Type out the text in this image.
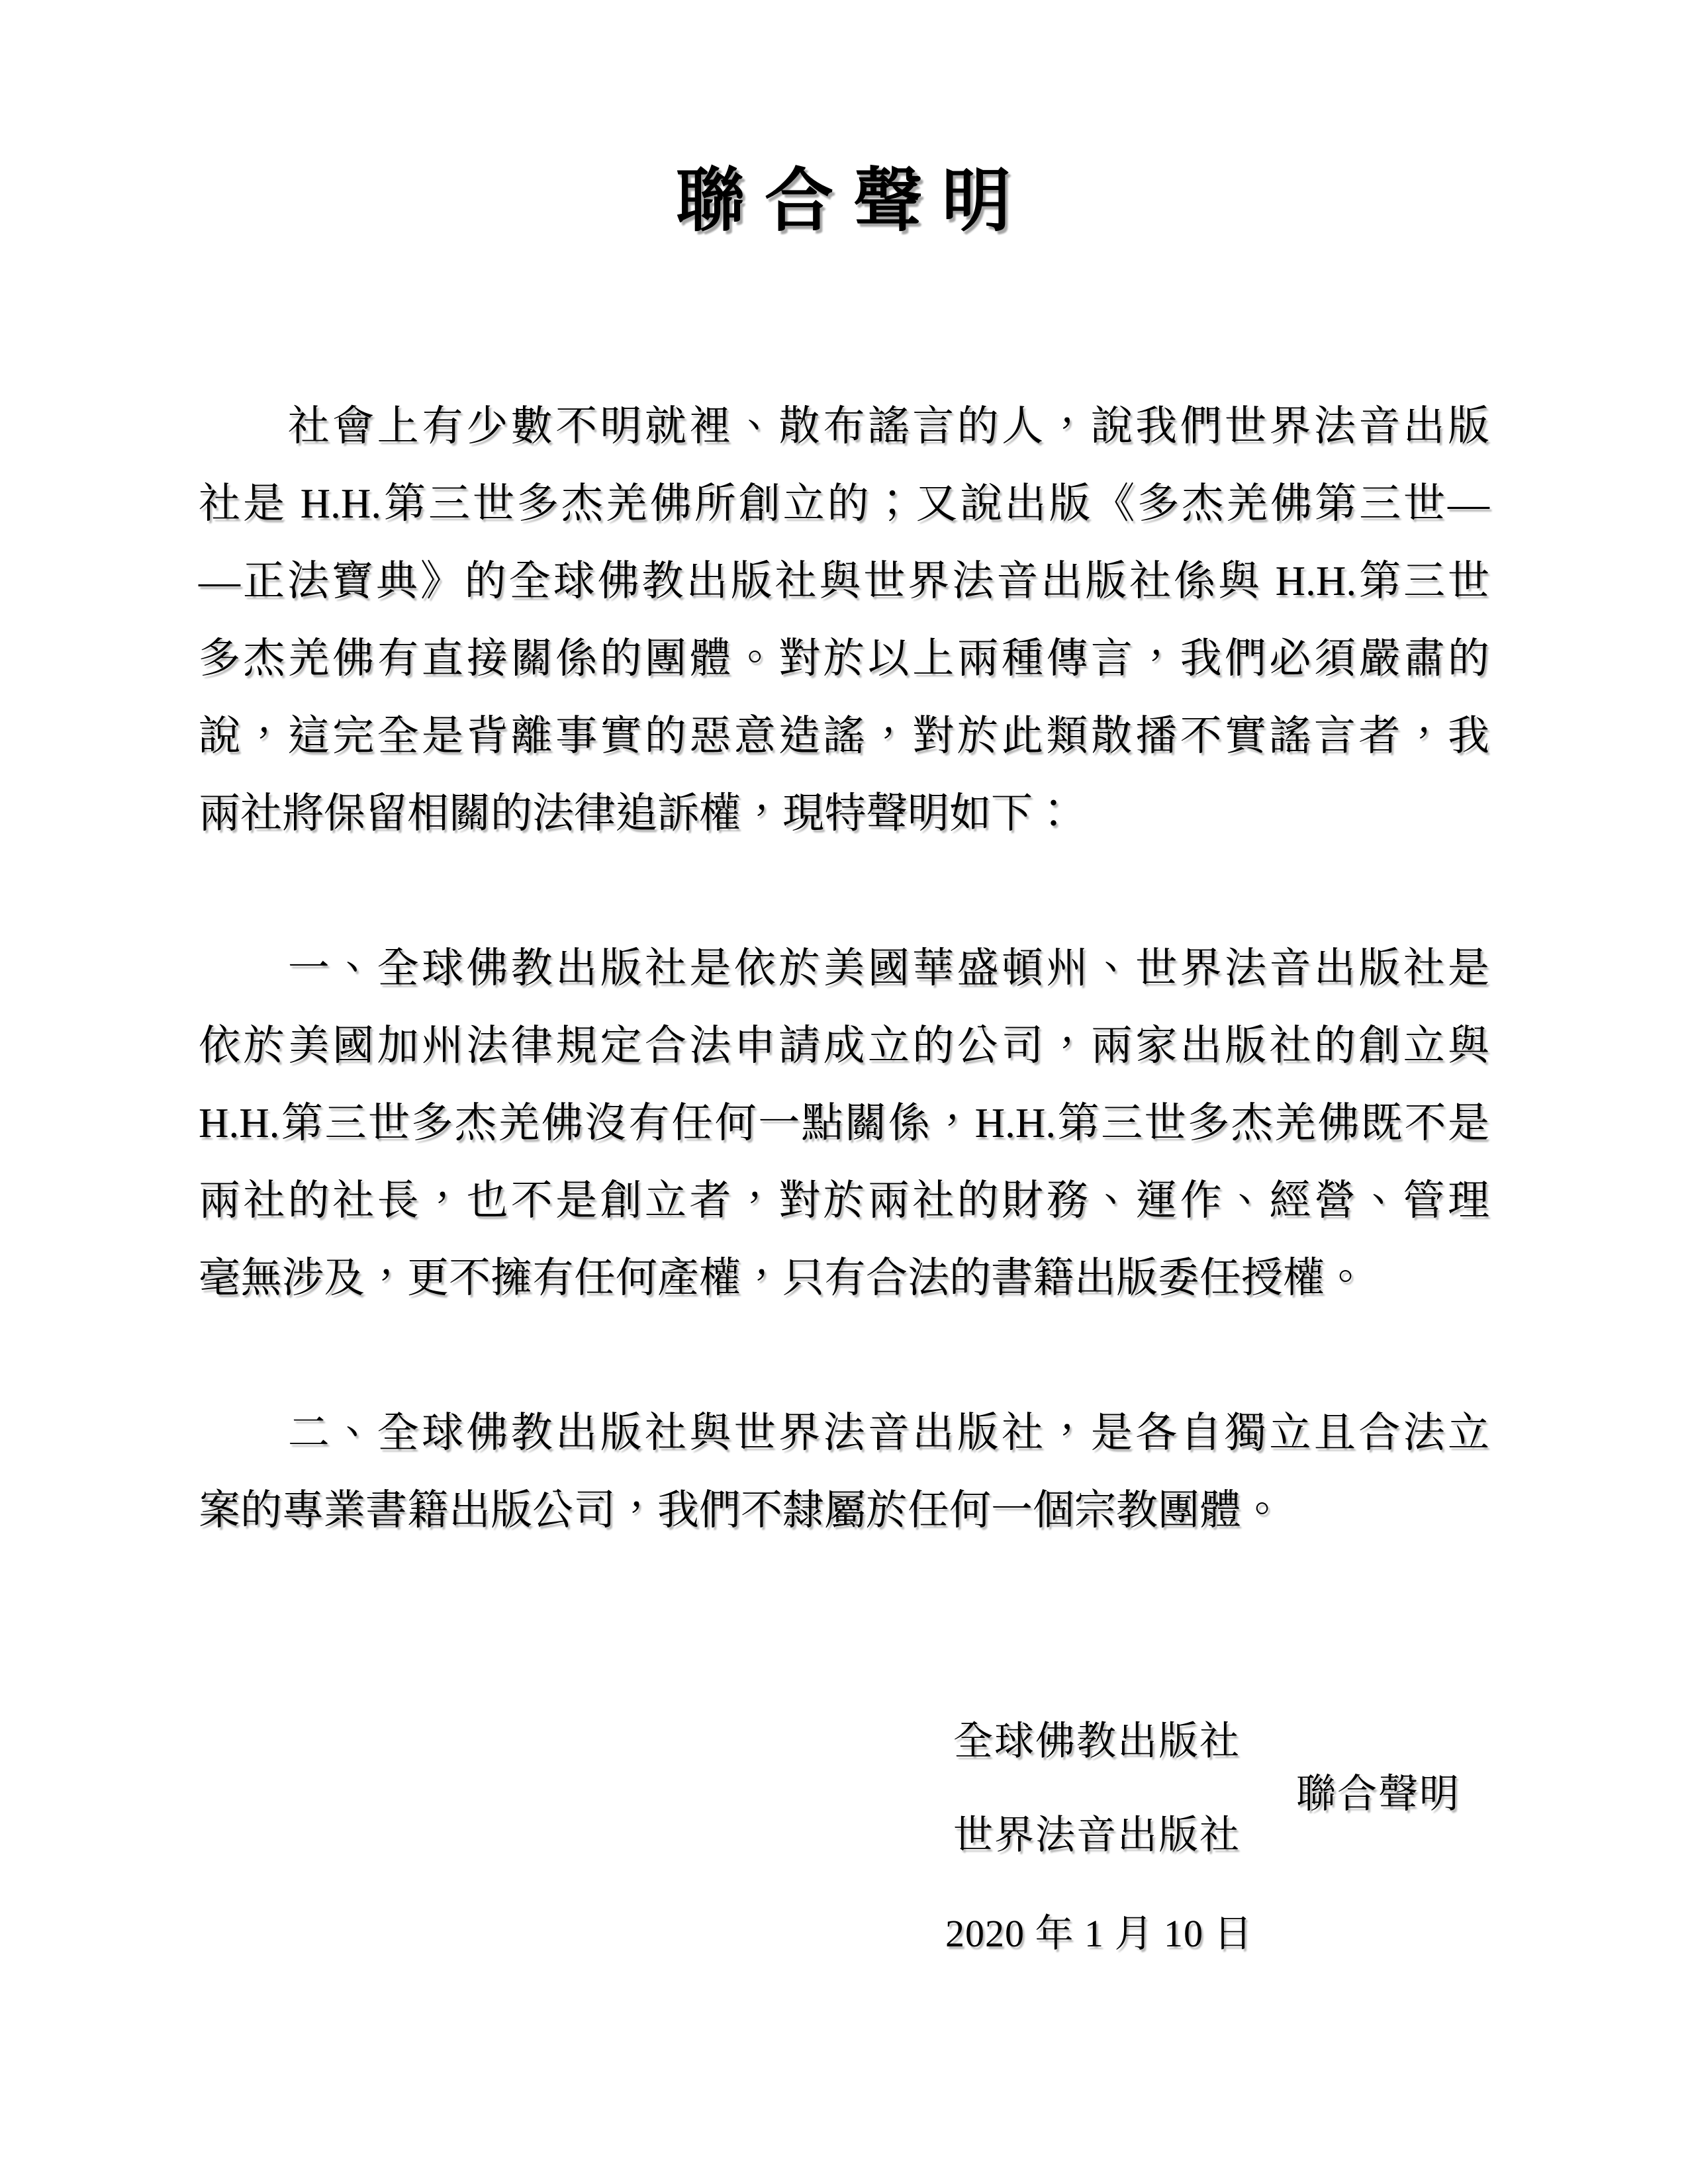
聯 合 聲 明
　　社會上有少數不明就裡、散布謠言的人，說我們世界法音出版
社是 H.H.第三世多杰羌佛所創立的；又說出版《多杰羌佛第三世—
—正法寶典》的全球佛教出版社與世界法音出版社係與 H.H.第三世
多杰羌佛有直接關係的團體。對於以上兩種傳言，我們必須嚴肅的
說，這完全是背離事實的惡意造謠，對於此類散播不實謠言者，我
兩社將保留相關的法律追訴權，現特聲明如下：
　　一、全球佛教出版社是依於美國華盛頓州、世界法音出版社是
依於美國加州法律規定合法申請成立的公司，兩家出版社的創立與
H.H.第三世多杰羌佛沒有任何一點關係，H.H.第三世多杰羌佛既不是
兩社的社長，也不是創立者，對於兩社的財務、運作、經營、管理
毫無涉及，更不擁有任何產權，只有合法的書籍出版委任授權。
　　二、全球佛教出版社與世界法音出版社，是各自獨立且合法立
案的專業書籍出版公司，我們不隸屬於任何一個宗教團體。
全球佛教出版社
聯合聲明
世界法音出版社
2020 年 1 月 10 日
